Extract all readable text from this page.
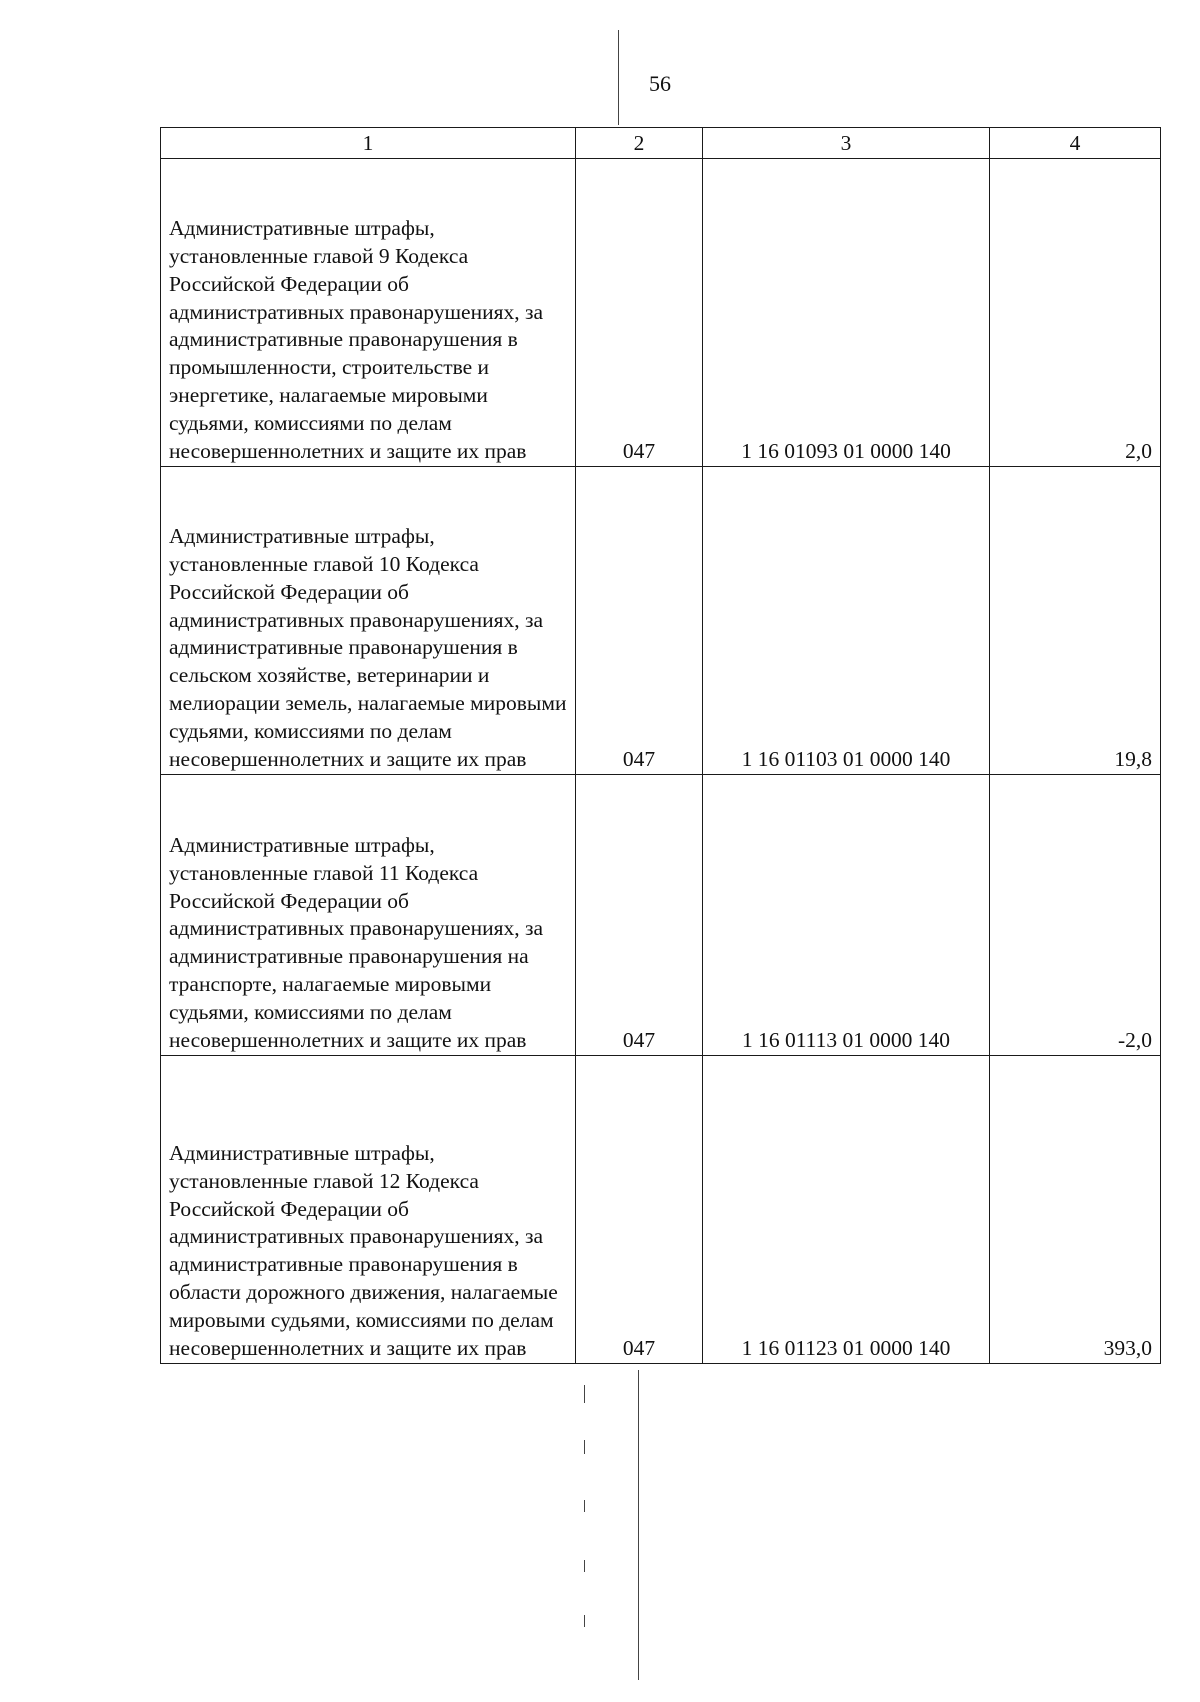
56
1	2	3	4
Административные штрафы, установленные главой 9 Кодекса Российской Федерации об административных правонарушениях, за административные правонарушения в промышленности, строительстве и энергетике, налагаемые мировыми судьями, комиссиями по делам несовершеннолетних и защите их прав	047	1 16 01093 01 0000 140	2,0
Административные штрафы, установленные главой 10 Кодекса Российской Федерации об административных правонарушениях, за административные правонарушения в сельском хозяйстве, ветеринарии и мелиорации земель, налагаемые мировыми судьями, комиссиями по делам несовершеннолетних и защите их прав	047	1 16 01103 01 0000 140	19,8
Административные штрафы, установленные главой 11 Кодекса Российской Федерации об административных правонарушениях, за административные правонарушения на транспорте, налагаемые мировыми судьями, комиссиями по делам несовершеннолетних и защите их прав	047	1 16 01113 01 0000 140	-2,0
Административные штрафы, установленные главой 12 Кодекса Российской Федерации об административных правонарушениях, за административные правонарушения в области дорожного движения, налагаемые мировыми судьями, комиссиями по делам несовершеннолетних и защите их прав	047	1 16 01123 01 0000 140	393,0
